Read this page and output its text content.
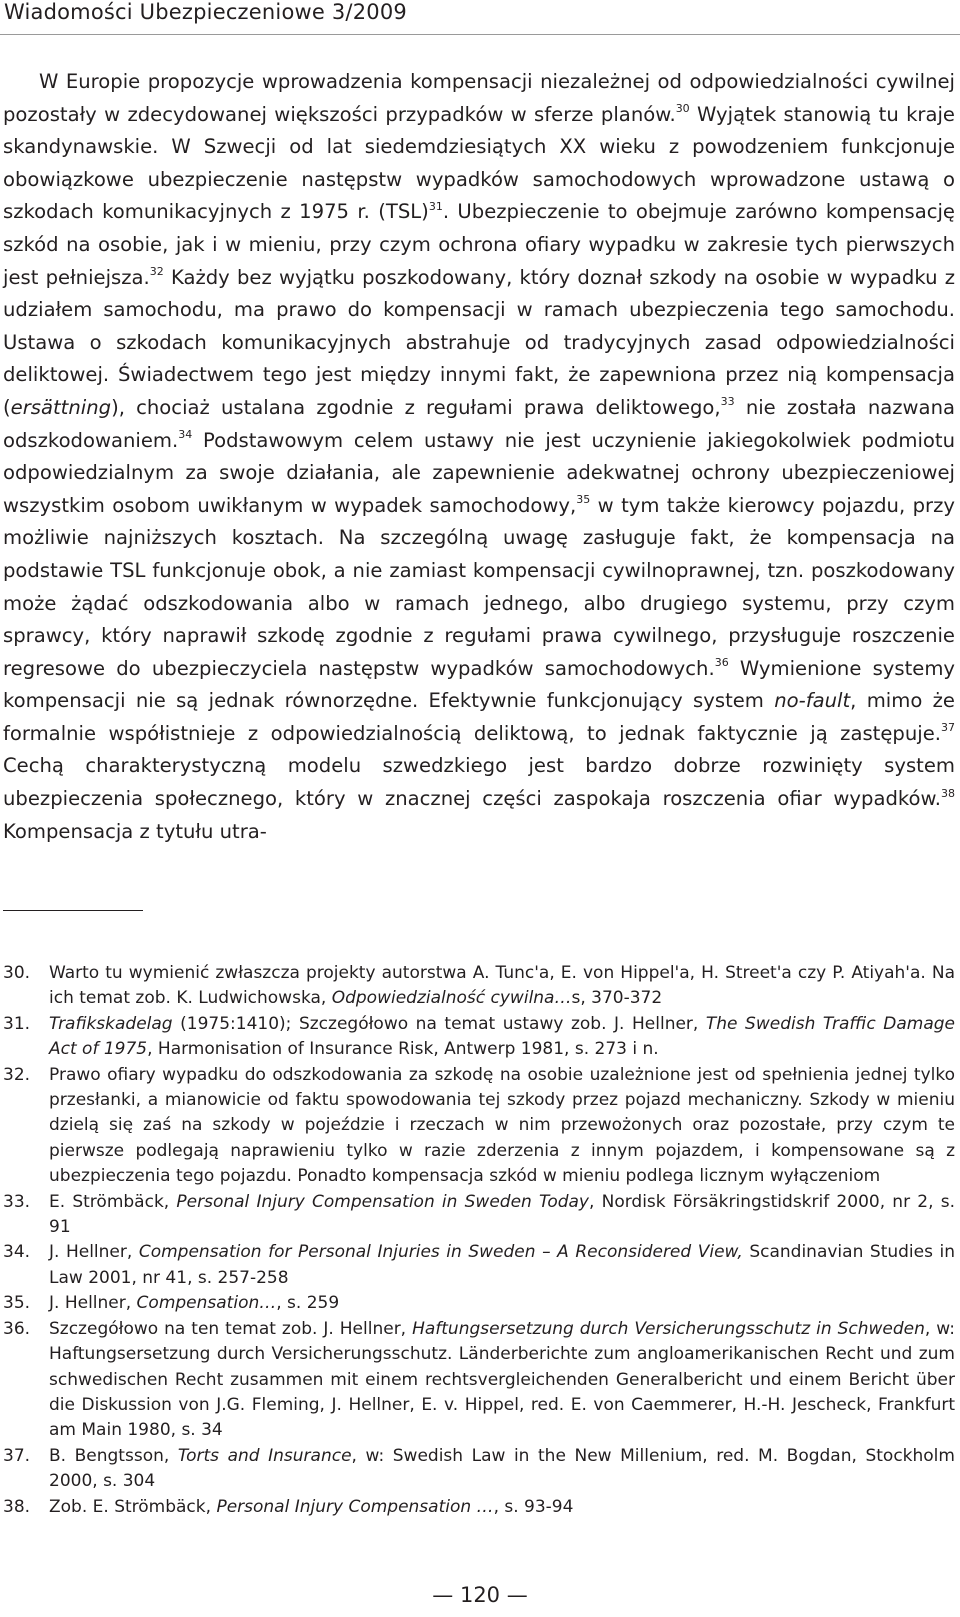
Wiadomości Ubezpieczeniowe 3/2009

W Europie propozycje wprowadzenia kompensacji niezależnej od odpowiedzialności cywilnej pozostały w zdecydowanej większości przypadków w sferze planów.$^{30}$ Wyjątek stanowią tu kraje skandynawskie. W Szwecji od lat siedemdziesiątych XX wieku z powodzeniem funkcjonuje obowiązkowe ubezpieczenie następstw wypadków samochodowych wprowadzone ustawą o szkodach komunikacyjnych z 1975 r. (TSL)$^{31}$. Ubezpieczenie to obejmuje zarówno kompensację szkód na osobie, jak i w mieniu, przy czym ochrona ofiary wypadku w zakresie tych pierwszych jest pełniejsza.$^{32}$ Każdy bez wyjątku poszkodowany, który doznał szkody na osobie w wypadku z udziałem samochodu, ma prawo do kompensacji w ramach ubezpieczenia tego samochodu. Ustawa o szkodach komunikacyjnych abstrahuje od tradycyjnych zasad odpowiedzialności deliktowej. Świadectwem tego jest między innymi fakt, że zapewniona przez nią kompensacja (ersättning), chociaż ustalana zgodnie z regułami prawa deliktowego,$^{33}$ nie została nazwana odszkodowaniem.$^{34}$ Podstawowym celem ustawy nie jest uczynienie jakiegokolwiek podmiotu odpowiedzialnym za swoje działania, ale zapewnienie adekwatnej ochrony ubezpieczeniowej wszystkim osobom uwikłanym w wypadek samochodowy,$^{35}$ w tym także kierowcy pojazdu, przy możliwie najniższych kosztach. Na szczególną uwagę zasługuje fakt, że kompensacja na podstawie TSL funkcjonuje obok, a nie zamiast kompensacji cywilnoprawnej, tzn. poszkodowany może żądać odszkodowania albo w ramach jednego, albo drugiego systemu, przy czym sprawcy, który naprawił szkodę zgodnie z regułami prawa cywilnego, przysługuje roszczenie regresowe do ubezpieczyciela następstw wypadków samochodowych.$^{36}$ Wymienione systemy kompensacji nie są jednak równorzędne. Efektywnie funkcjonujący system no-fault, mimo że formalnie współistnieje z odpowiedzialnością deliktową, to jednak faktycznie ją zastępuje.$^{37}$ Cechą charakterystyczną modelu szwedzkiego jest bardzo dobrze rozwinięty system ubezpieczenia społecznego, który w znacznej części zaspokaja roszczenia ofiar wypadków.$^{38}$ Kompensacja z tytułu utra-

30. Warto tu wymienić zwłaszcza projekty autorstwa A. Tunc'a, E. von Hippel'a, H. Street'a czy P. Atiyah'a. Na ich temat zob. K. Ludwichowska, Odpowiedzialność cywilna…s, 370-372
31. Trafikskadelag (1975:1410); Szczegółowo na temat ustawy zob. J. Hellner, The Swedish Traffic Damage Act of 1975, Harmonisation of Insurance Risk, Antwerp 1981, s. 273 i n.
32. Prawo ofiary wypadku do odszkodowania za szkodę na osobie uzależnione jest od spełnienia jednej tylko przesłanki, a mianowicie od faktu spowodowania tej szkody przez pojazd mechaniczny. Szkody w mieniu dzielą się zaś na szkody w pojeździe i rzeczach w nim przewożonych oraz pozostałe, przy czym te pierwsze podlegają naprawieniu tylko w razie zderzenia z innym pojazdem, i kompensowane są z ubezpieczenia tego pojazdu. Ponadto kompensacja szkód w mieniu podlega licznym wyłączeniom
33. E. Strömbäck, Personal Injury Compensation in Sweden Today, Nordisk Försäkringstidskrif 2000, nr 2, s. 91
34. J. Hellner, Compensation for Personal Injuries in Sweden – A Reconsidered View, Scandinavian Studies in Law 2001, nr 41, s. 257-258
35. J. Hellner, Compensation…, s. 259
36. Szczegółowo na ten temat zob. J. Hellner, Haftungsersetzung durch Versicherungsschutz in Schweden, w: Haftungsersetzung durch Versicherungsschutz. Länderberichte zum angloamerikanischen Recht und zum schwedischen Recht zusammen mit einem rechtsvergleichenden Generalbericht und einem Bericht über die Diskussion von J.G. Fleming, J. Hellner, E. v. Hippel, red. E. von Caemmerer, H.-H. Jescheck, Frankfurt am Main 1980, s. 34
37. B. Bengtsson, Torts and Insurance, w: Swedish Law in the New Millenium, red. M. Bogdan, Stockholm 2000, s. 304
38. Zob. E. Strömbäck, Personal Injury Compensation …, s. 93-94
— 120 —
